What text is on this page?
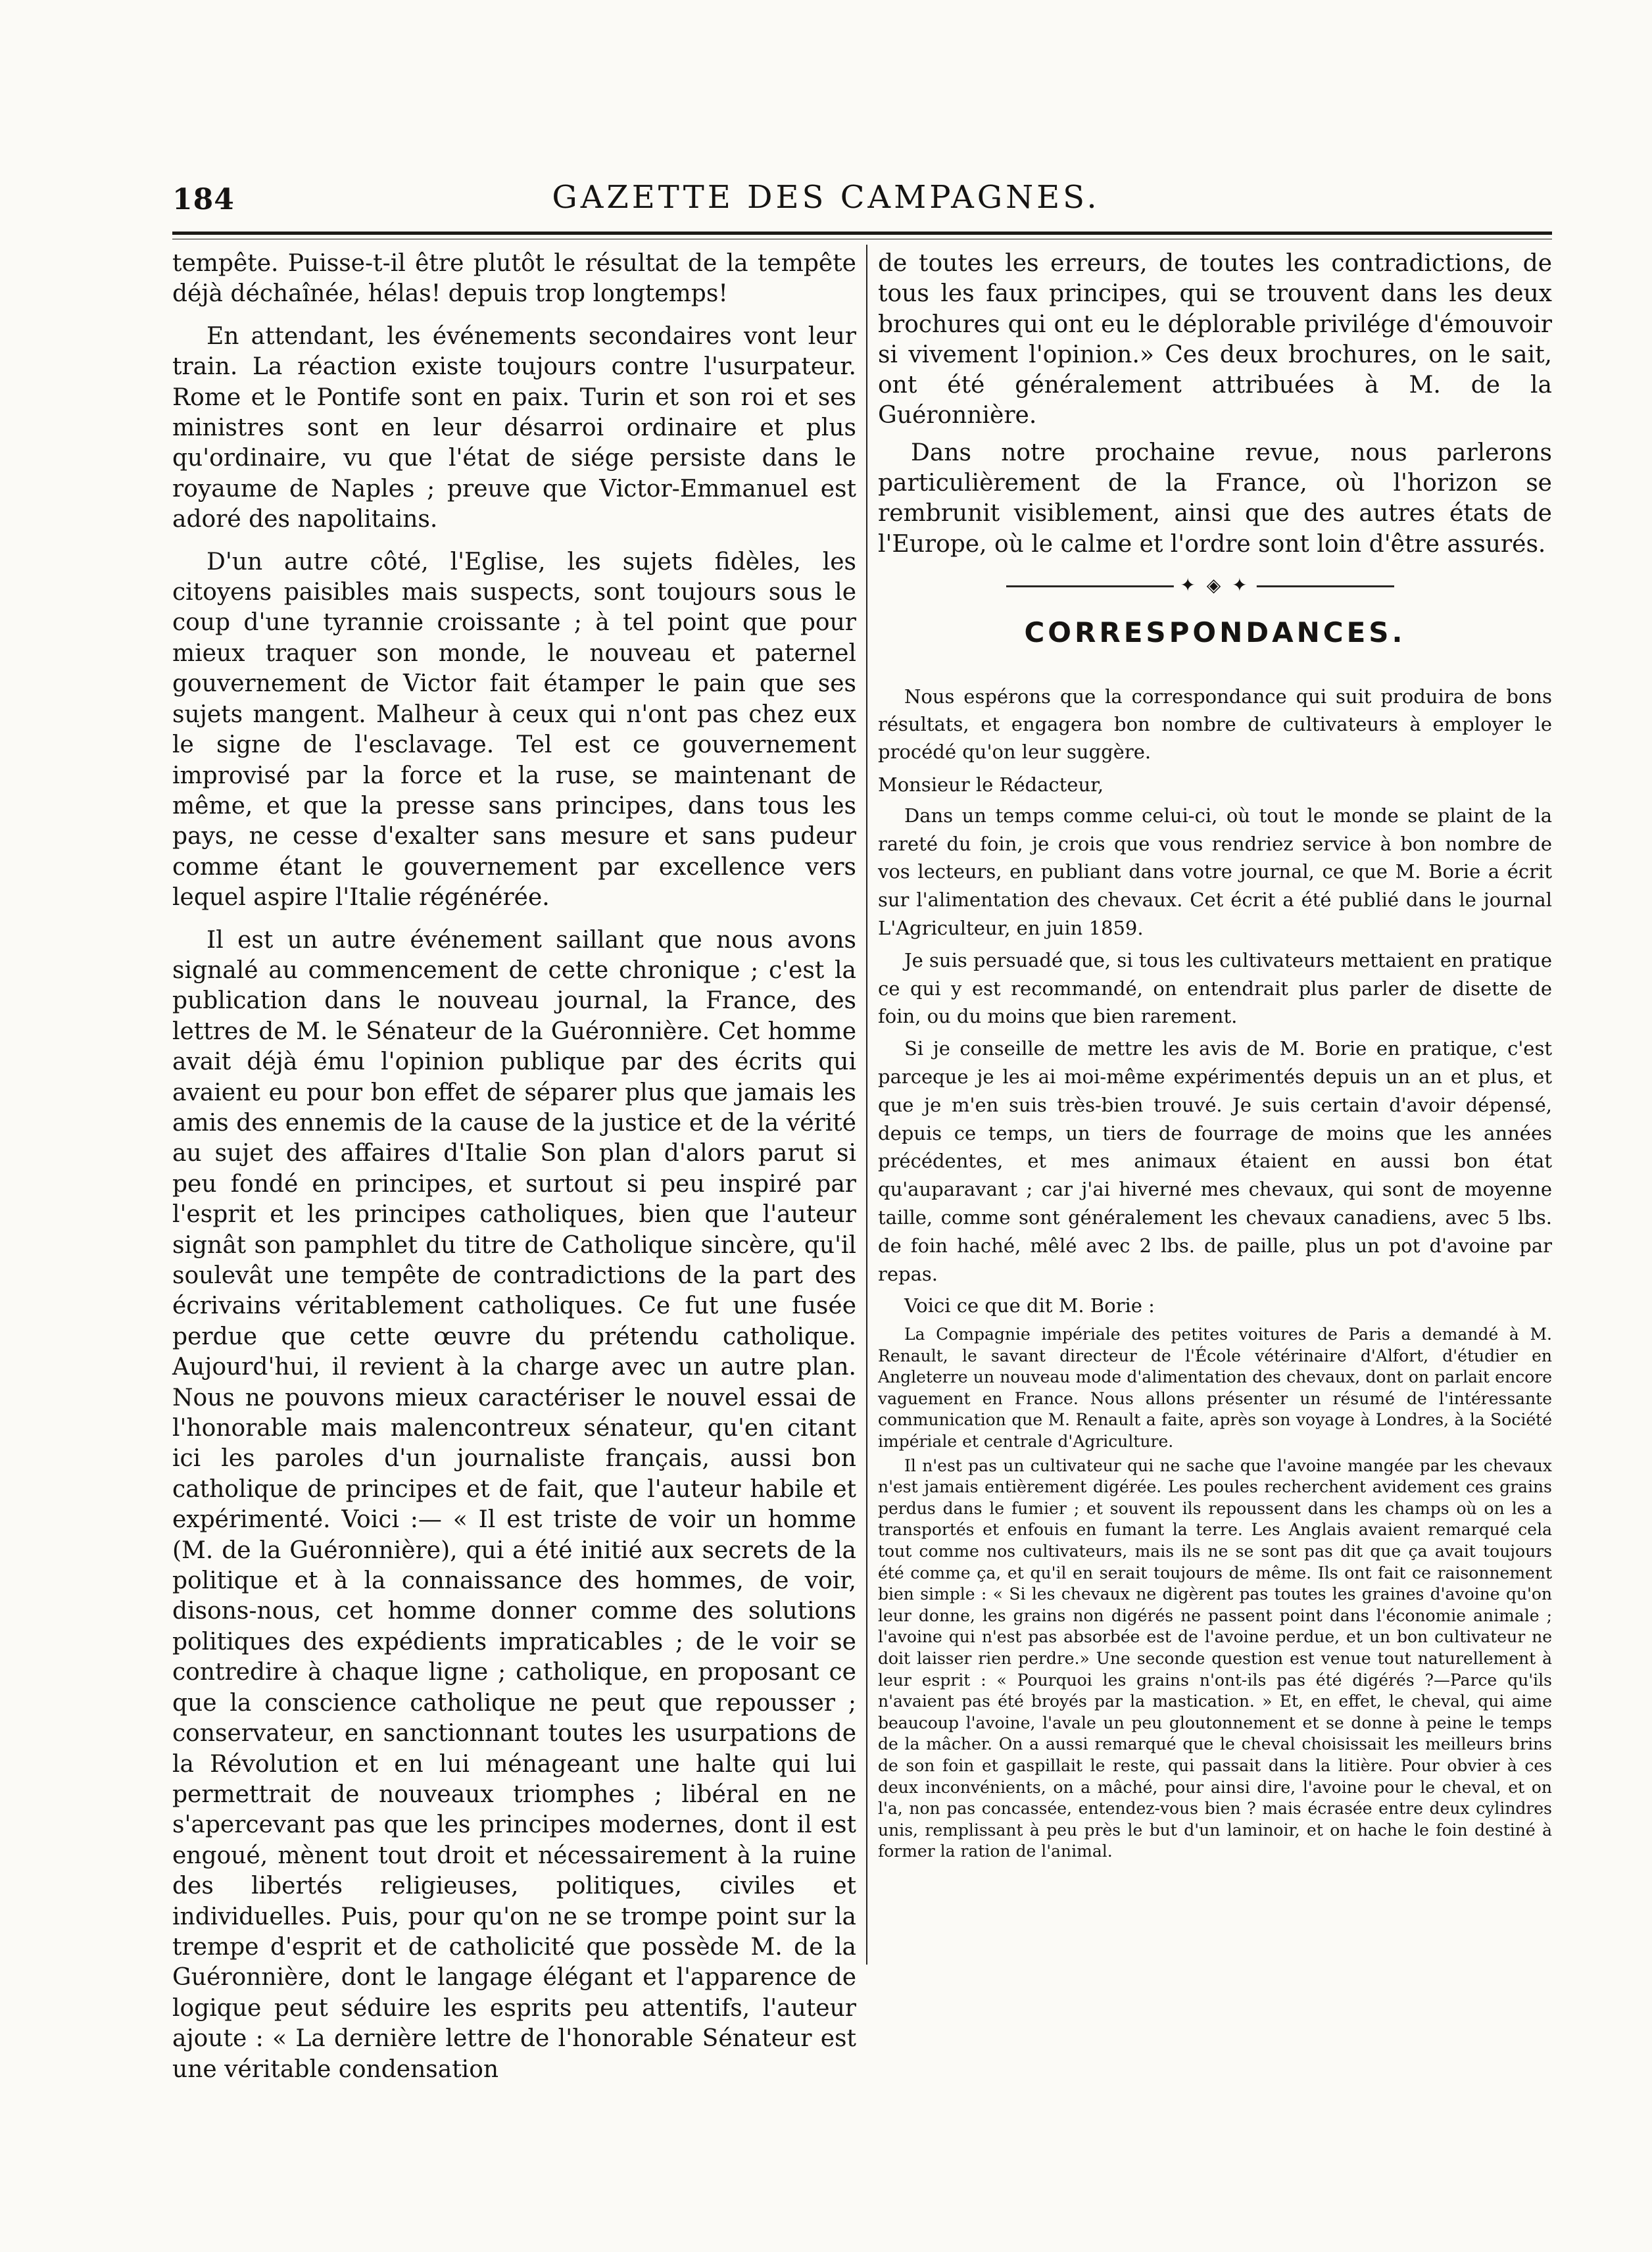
184	GAZETTE DES CAMPAGNES.

tempête. Puisse-t-il être plutôt le résultat de la tempête déjà déchaînée, hélas! depuis trop longtemps!

En attendant, les événements secondaires vont leur train. La réaction existe toujours contre l'usurpateur. Rome et le Pontife sont en paix. Turin et son roi et ses ministres sont en leur désarroi ordinaire et plus qu'ordinaire, vu que l'état de siége persiste dans le royaume de Naples ; preuve que Victor-Emmanuel est adoré des napolitains.

D'un autre côté, l'Eglise, les sujets fidèles, les citoyens paisibles mais suspects, sont toujours sous le coup d'une tyrannie croissante ; à tel point que pour mieux traquer son monde, le nouveau et paternel gouvernement de Victor fait étamper le pain que ses sujets mangent. Malheur à ceux qui n'ont pas chez eux le signe de l'esclavage. Tel est ce gouvernement improvisé par la force et la ruse, se maintenant de même, et que la presse sans principes, dans tous les pays, ne cesse d'exalter sans mesure et sans pudeur comme étant le gouvernement par excellence vers lequel aspire l'Italie régénérée.

Il est un autre événement saillant que nous avons signalé au commencement de cette chronique ; c'est la publication dans le nouveau journal, la France, des lettres de M. le Sénateur de la Guéronnière. Cet homme avait déjà ému l'opinion publique par des écrits qui avaient eu pour bon effet de séparer plus que jamais les amis des ennemis de la cause de la justice et de la vérité au sujet des affaires d'Italie Son plan d'alors parut si peu fondé en principes, et surtout si peu inspiré par l'esprit et les principes catholiques, bien que l'auteur signât son pamphlet du titre de Catholique sincère, qu'il soulevât une tempête de contradictions de la part des écrivains véritablement catholiques. Ce fut une fusée perdue que cette œuvre du prétendu catholique. Aujourd'hui, il revient à la charge avec un autre plan. Nous ne pouvons mieux caractériser le nouvel essai de l'honorable mais malencontreux sénateur, qu'en citant ici les paroles d'un journaliste français, aussi bon catholique de principes et de fait, que l'auteur habile et expérimenté. Voici :— « Il est triste de voir un homme (M. de la Guéronnière), qui a été initié aux secrets de la politique et à la connaissance des hommes, de voir, disons-nous, cet homme donner comme des solutions politiques des expédients impraticables ; de le voir se contredire à chaque ligne ; catholique, en proposant ce que la conscience catholique ne peut que repousser ; conservateur, en sanctionnant toutes les usurpations de la Révolution et en lui ménageant une halte qui lui permettrait de nouveaux triomphes ; libéral en ne s'apercevant pas que les principes modernes, dont il est engoué, mènent tout droit et nécessairement à la ruine des libertés religieuses, politiques, civiles et individuelles. Puis, pour qu'on ne se trompe point sur la trempe d'esprit et de catholicité que possède M. de la Guéronnière, dont le langage élégant et l'apparence de logique peut séduire les esprits peu attentifs, l'auteur ajoute : « La dernière lettre de l'honorable Sénateur est une véritable condensation

de toutes les erreurs, de toutes les contradictions, de tous les faux principes, qui se trouvent dans les deux brochures qui ont eu le déplorable privilége d'émouvoir si vivement l'opinion.» Ces deux brochures, on le sait, ont été généralement attribuées à M. de la Guéronnière.

Dans notre prochaine revue, nous parlerons particulièrement de la France, où l'horizon se rembrunit visiblement, ainsi que des autres états de l'Europe, où le calme et l'ordre sont loin d'être assurés.

✦ ◈ ✦
CORRESPONDANCES.

Nous espérons que la correspondance qui suit produira de bons résultats, et engagera bon nombre de cultivateurs à employer le procédé qu'on leur suggère.

Monsieur le Rédacteur,

Dans un temps comme celui-ci, où tout le monde se plaint de la rareté du foin, je crois que vous rendriez service à bon nombre de vos lecteurs, en publiant dans votre journal, ce que M. Borie a écrit sur l'alimentation des chevaux. Cet écrit a été publié dans le journal L'Agriculteur, en juin 1859.

Je suis persuadé que, si tous les cultivateurs mettaient en pratique ce qui y est recommandé, on entendrait plus parler de disette de foin, ou du moins que bien rarement.

Si je conseille de mettre les avis de M. Borie en pratique, c'est parceque je les ai moi-même expérimentés depuis un an et plus, et que je m'en suis très-bien trouvé. Je suis certain d'avoir dépensé, depuis ce temps, un tiers de fourrage de moins que les années précédentes, et mes animaux étaient en aussi bon état qu'auparavant ; car j'ai hiverné mes chevaux, qui sont de moyenne taille, comme sont généralement les chevaux canadiens, avec 5 lbs. de foin haché, mêlé avec 2 lbs. de paille, plus un pot d'avoine par repas.

Voici ce que dit M. Borie :

La Compagnie impériale des petites voitures de Paris a demandé à M. Renault, le savant directeur de l'École vétérinaire d'Alfort, d'étudier en Angleterre un nouveau mode d'alimentation des chevaux, dont on parlait encore vaguement en France. Nous allons présenter un résumé de l'intéressante communication que M. Renault a faite, après son voyage à Londres, à la Société impériale et centrale d'Agriculture.

Il n'est pas un cultivateur qui ne sache que l'avoine mangée par les chevaux n'est jamais entièrement digérée. Les poules recherchent avidement ces grains perdus dans le fumier ; et souvent ils repoussent dans les champs où on les a transportés et enfouis en fumant la terre. Les Anglais avaient remarqué cela tout comme nos cultivateurs, mais ils ne se sont pas dit que ça avait toujours été comme ça, et qu'il en serait toujours de même. Ils ont fait ce raisonnement bien simple : « Si les chevaux ne digèrent pas toutes les graines d'avoine qu'on leur donne, les grains non digérés ne passent point dans l'économie animale ; l'avoine qui n'est pas absorbée est de l'avoine perdue, et un bon cultivateur ne doit laisser rien perdre.» Une seconde question est venue tout naturellement à leur esprit : « Pourquoi les grains n'ont-ils pas été digérés ?—Parce qu'ils n'avaient pas été broyés par la mastication. » Et, en effet, le cheval, qui aime beaucoup l'avoine, l'avale un peu gloutonnement et se donne à peine le temps de la mâcher. On a aussi remarqué que le cheval choisissait les meilleurs brins de son foin et gaspillait le reste, qui passait dans la litière. Pour obvier à ces deux inconvénients, on a mâché, pour ainsi dire, l'avoine pour le cheval, et on l'a, non pas concassée, entendez-vous bien ? mais écrasée entre deux cylindres unis, remplissant à peu près le but d'un laminoir, et on hache le foin destiné à former la ration de l'animal.
